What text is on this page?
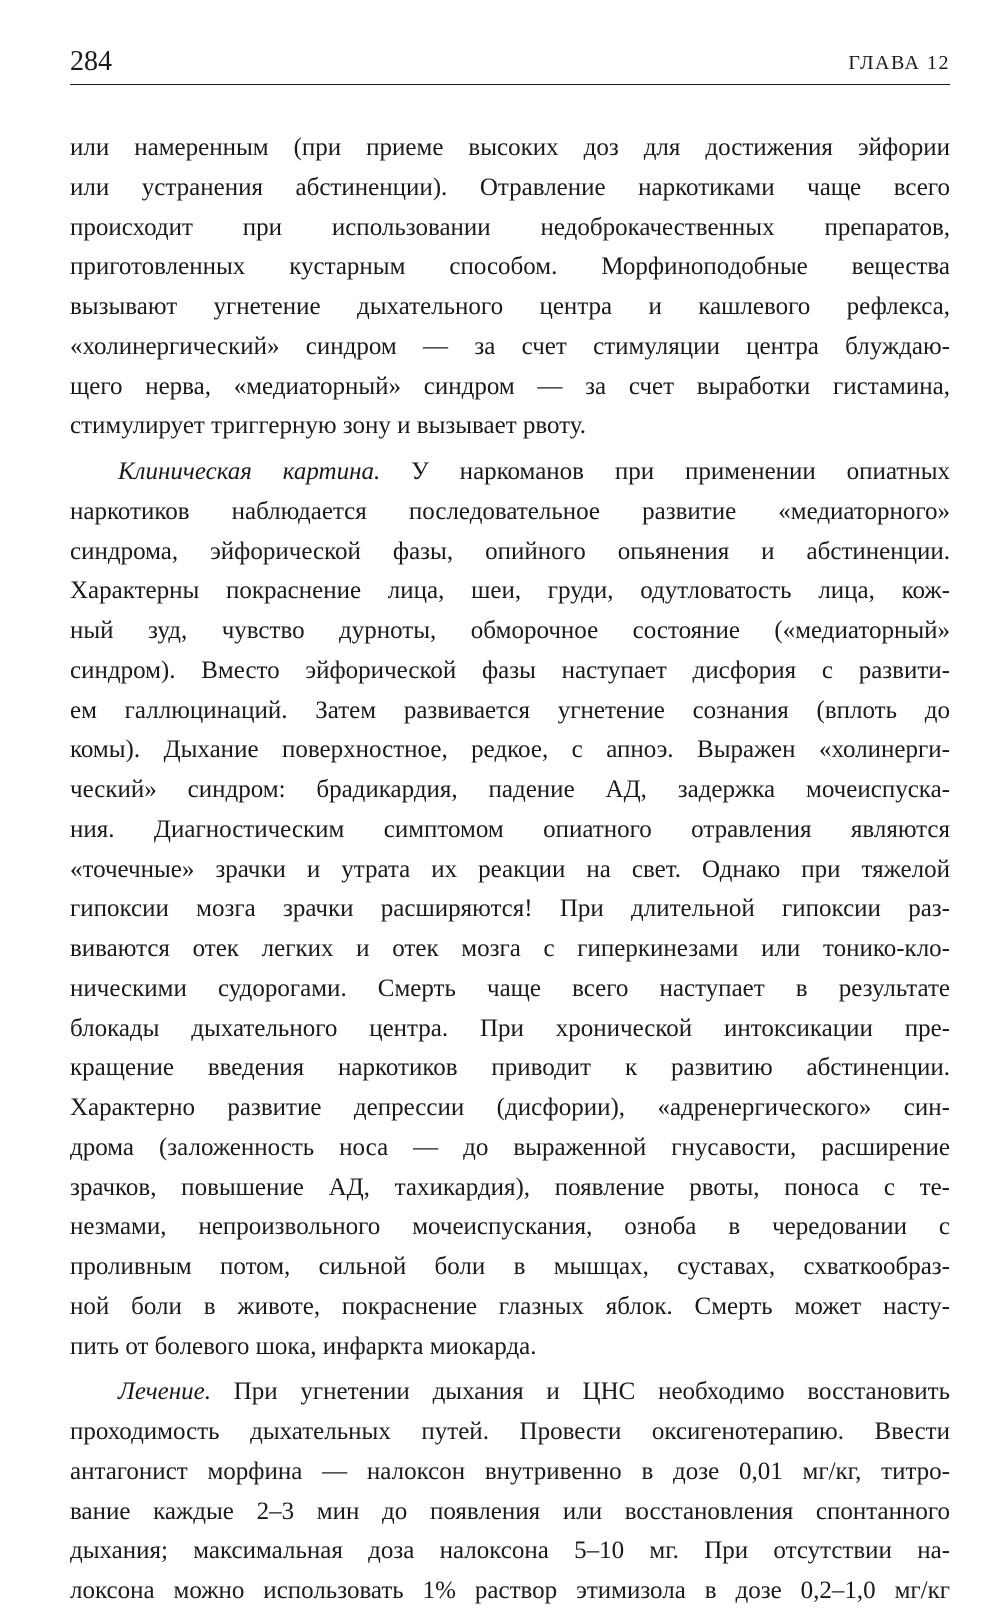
284	ГЛАВА 12
или намеренным (при приеме высоких доз для достижения эйфории
или устранения абстиненции). Отравление наркотиками чаще всего
происходит при использовании недоброкачественных препаратов,
приготовленных кустарным способом. Морфиноподобные вещества
вызывают угнетение дыхательного центра и кашлевого рефлекса,
«холинергический» синдром — за счет стимуляции центра блуждаю-
щего нерва, «медиаторный» синдром — за счет выработки гистамина,
стимулирует триггерную зону и вызывает рвоту.
Клиническая картина. У наркоманов при применении опиатных
наркотиков наблюдается последовательное развитие «медиаторного»
синдрома, эйфорической фазы, опийного опьянения и абстиненции.
Характерны покраснение лица, шеи, груди, одутловатость лица, кож-
ный зуд, чувство дурноты, обморочное состояние («медиаторный»
синдром). Вместо эйфорической фазы наступает дисфория с развити-
ем галлюцинаций. Затем развивается угнетение сознания (вплоть до
комы). Дыхание поверхностное, редкое, с апноэ. Выражен «холинерги-
ческий» синдром: брадикардия, падение АД, задержка мочеиспуска-
ния. Диагностическим симптомом опиатного отравления являются
«точечные» зрачки и утрата их реакции на свет. Однако при тяжелой
гипоксии мозга зрачки расширяются! При длительной гипоксии раз-
виваются отек легких и отек мозга с гиперкинезами или тонико-кло-
ническими судорогами. Смерть чаще всего наступает в результате
блокады дыхательного центра. При хронической интоксикации пре-
кращение введения наркотиков приводит к развитию абстиненции.
Характерно развитие депрессии (дисфории), «адренергического» син-
дрома (заложенность носа — до выраженной гнусавости, расширение
зрачков, повышение АД, тахикардия), появление рвоты, поноса с те-
незмами, непроизвольного мочеиспускания, озноба в чередовании с
проливным потом, сильной боли в мышцах, суставах, схваткообраз-
ной боли в животе, покраснение глазных яблок. Смерть может насту-
пить от болевого шока, инфаркта миокарда.
Лечение. При угнетении дыхания и ЦНС необходимо восстановить
проходимость дыхательных путей. Провести оксигенотерапию. Ввести
антагонист морфина — налоксон внутривенно в дозе 0,01 мг/кг, титро-
вание каждые 2–3 мин до появления или восстановления спонтанного
дыхания; максимальная доза налоксона 5–10 мг. При отсутствии на-
локсона можно использовать 1% раствор этимизола в дозе 0,2–1,0 мг/кг
